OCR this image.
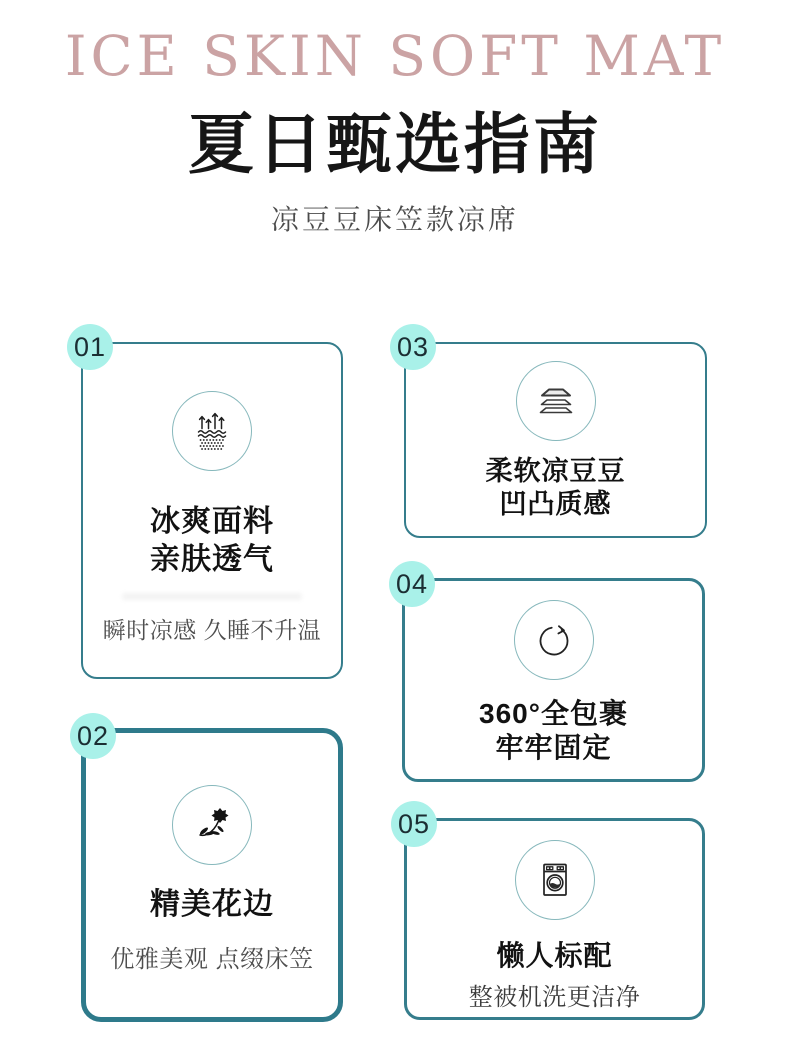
ICE SKIN SOFT MAT
夏日甄选指南
凉豆豆床笠款凉席
01
冰爽面料
亲肤透气
瞬时凉感 久睡不升温
02
精美花边
优雅美观 点缀床笠
03
柔软凉豆豆
凹凸质感
04
360°全包裹
牢牢固定
05
懒人标配
整被机洗更洁净
